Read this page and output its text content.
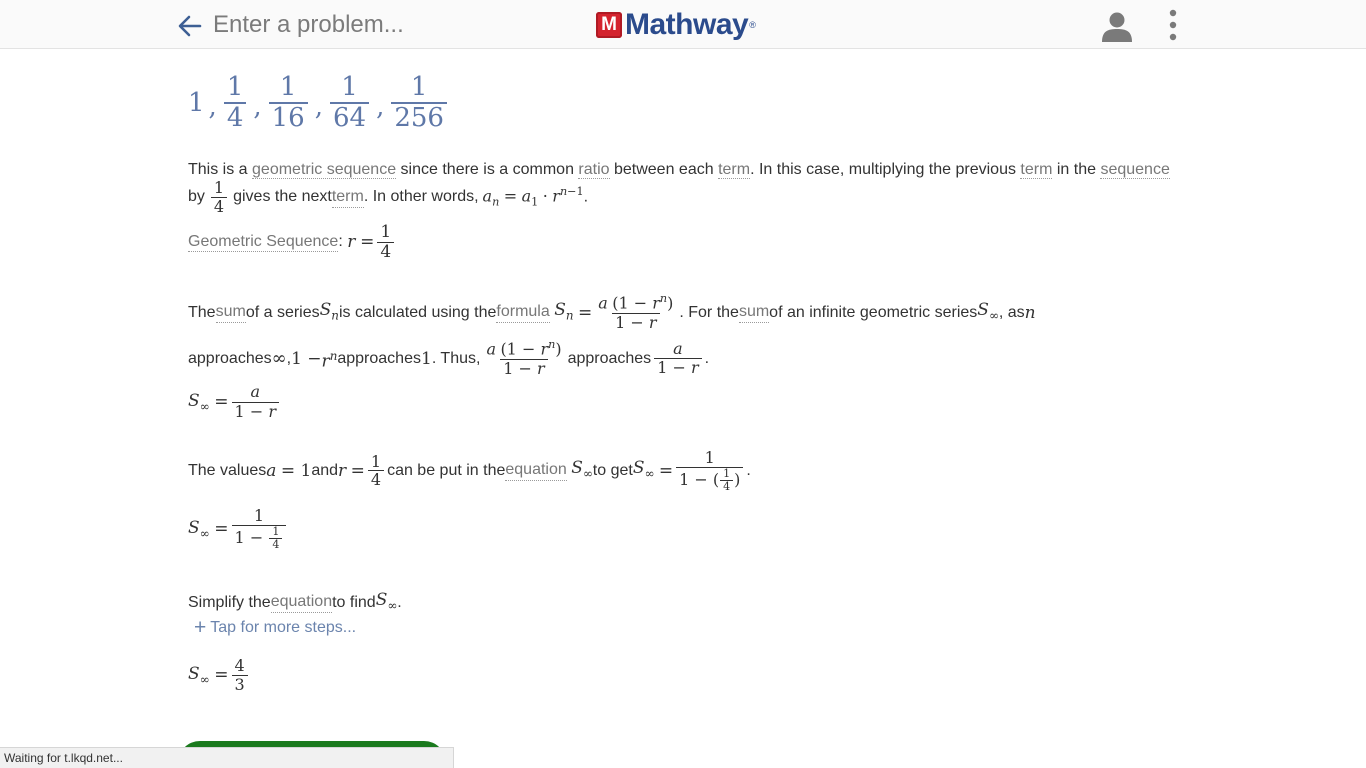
Enter a problem...
M Mathway ®
1 , $\frac{1}{4}$ , $\frac{1}{16}$ , $\frac{1}{64}$ , $\frac{1}{256}$
This is a geometric sequence since there is a common ratio between each term. In this case, multiplying the previous term in the sequence
by $\frac{1}{4}$ gives the next term . In other words, $a_n = a_1 \cdot r^{n-1}$.
Geometric Sequence : r
= $\frac{1}{4}$
The sum of a series $S_n$ is calculated using the formula
$S_n$
= $\frac{a (1 - r^n)}{1 - r}$ . For the sum of an infinite geometric series $S_\infty$ , as n
approaches ∞ , $1 - r^n$ approaches 1 . Thus, $\frac{a (1 - r^n)}{1 - r}$ approaches $\frac{a}{1 - r}$ .
$S_\infty$
= $\frac{a}{1 - r}$
The values a
= 1 and r
= $\frac{1}{4}$ can be put in the equation
$S_\infty$ to get $S_\infty$
= $\frac{1}{1 - ( \frac{1}{4} )}$ .
$S_\infty$
= $\frac{1}{1 - \frac{1}{4}}$
Simplify the equation to find $S_\infty$ .
+ Tap for more steps...
$S_\infty$
= $\frac{4}{3}$
Waiting for t.lkqd.net...
